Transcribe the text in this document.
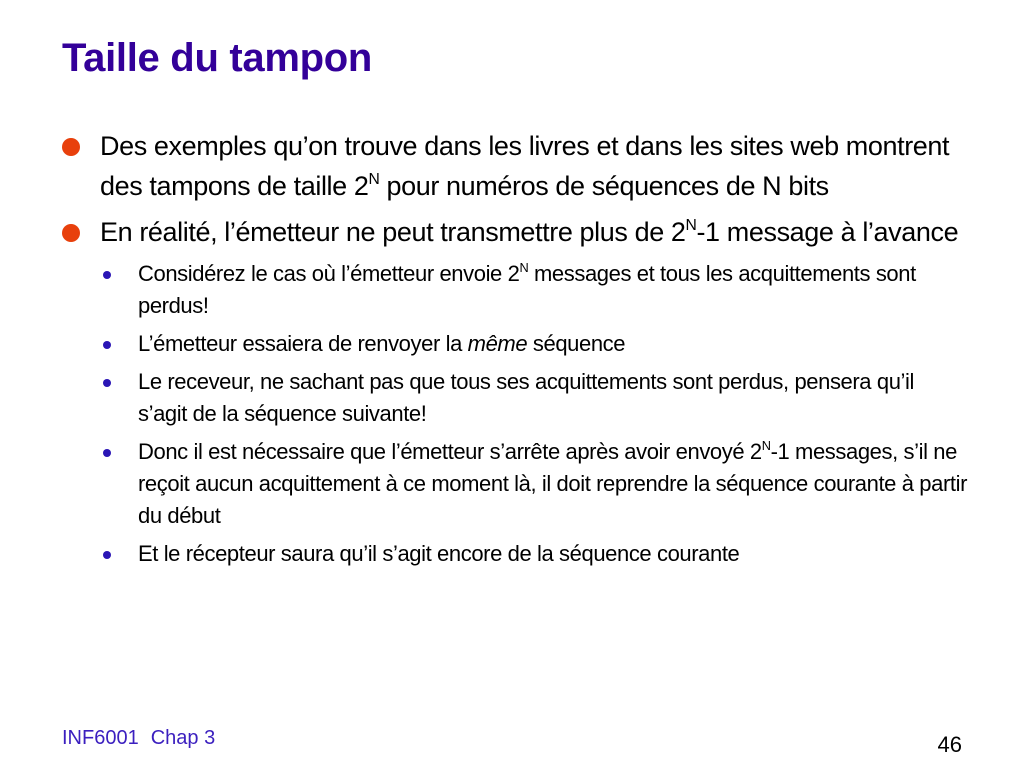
Taille du tampon
Des exemples qu’on trouve dans les livres et dans les sites web montrent des tampons de taille $2^N$ pour numéros de séquences de N bits
En réalité, l’émetteur ne peut transmettre plus de $2^N-1$ message à l’avance
Considérez le cas où l’émetteur envoie $2^N$ messages et tous les acquittements sont perdus!
L’émetteur essaiera de renvoyer la même séquence
Le receveur, ne sachant pas que tous ses acquittements sont perdus, pensera qu’il s’agit de la séquence suivante!
Donc il est nécessaire que l’émetteur s’arrête après avoir envoyé $2^N-1$ messages, s’il ne reçoit aucun acquittement à ce moment là, il doit reprendre la séquence courante à partir du début
Et le récepteur saura qu’il s’agit encore de la séquence courante
INF6001 Chap 3	46
